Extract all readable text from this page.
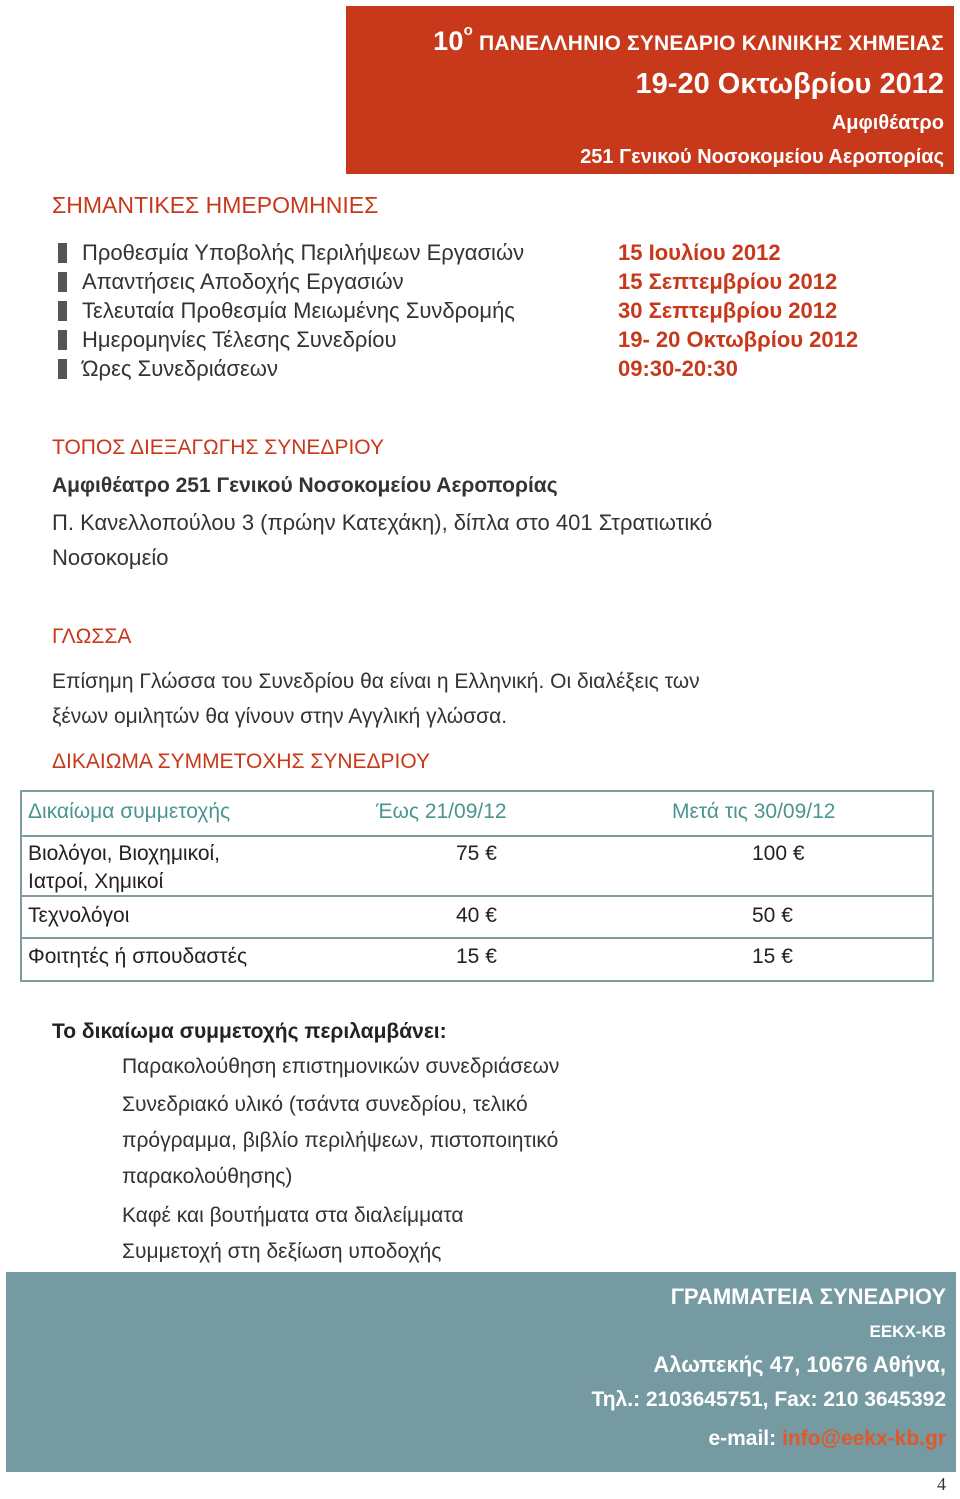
$10^o$ ΠΑΝΕΛΛΗΝΙΟ ΣΥΝΕΔΡΙΟ ΚΛΙΝΙΚΗΣ ΧΗΜΕΙΑΣ
19-20 Οκτωβρίου 2012
Αμφιθέατρο
251 Γενικού Νοσοκομείου Αεροπορίας
ΣΗΜΑΝΤΙΚΕΣ ΗΜΕΡΟΜΗΝΙΕΣ
Προθεσμία Υποβολής Περιλήψεων Εργασιών	15 Ιουλίου 2012
Απαντήσεις Αποδοχής Εργασιών	15 Σεπτεμβρίου 2012
Τελευταία Προθεσμία Μειωμένης Συνδρομής	30 Σεπτεμβρίου 2012
Ημερομηνίες Τέλεσης Συνεδρίου	19- 20 Οκτωβρίου 2012
Ώρες Συνεδριάσεων	09:30-20:30
ΤΟΠΟΣ ΔΙΕΞΑΓΩΓΗΣ ΣΥΝΕΔΡΙΟΥ
Αμφιθέατρο 251 Γενικού Νοσοκομείου Αεροπορίας
Π. Κανελλοπούλου 3 (πρώην Κατεχάκη), δίπλα στο 401 Στρατιωτικό
Νοσοκομείο
ΓΛΩΣΣΑ
Επίσημη Γλώσσα του Συνεδρίου θα είναι η Ελληνική. Οι διαλέξεις των
ξένων ομιλητών θα γίνουν στην Αγγλική γλώσσα.
ΔΙΚΑΙΩΜΑ ΣΥΜΜΕΤΟΧΗΣ ΣΥΝΕΔΡΙΟΥ
Δικαίωμα συμμετοχής	Έως 21/09/12	Μετά τις 30/09/12
Βιολόγοι, Βιοχημικοί,
Ιατροί, Χημικοί
75 €	100 €
Τεχνολόγοι	40 €	50 €
Φοιτητές ή σπουδαστές	15 €	15 €
Το δικαίωμα συμμετοχής περιλαμβάνει:
Παρακολούθηση επιστημονικών συνεδριάσεων
Συνεδριακό υλικό (τσάντα συνεδρίου, τελικό
πρόγραμμα, βιβλίο περιλήψεων, πιστοποιητικό
παρακολούθησης)
Καφέ και βουτήματα στα διαλείμματα
Συμμετοχή στη δεξίωση υποδοχής
ΓΡΑΜΜΑΤΕΙΑ ΣΥΝΕΔΡΙΟΥ
ΕΕΚΧ-ΚΒ
Αλωπεκής 47, 10676 Αθήνα,
Τηλ.: 2103645751, Fax: 210 3645392
e-mail: info@eekx-kb.gr
4
